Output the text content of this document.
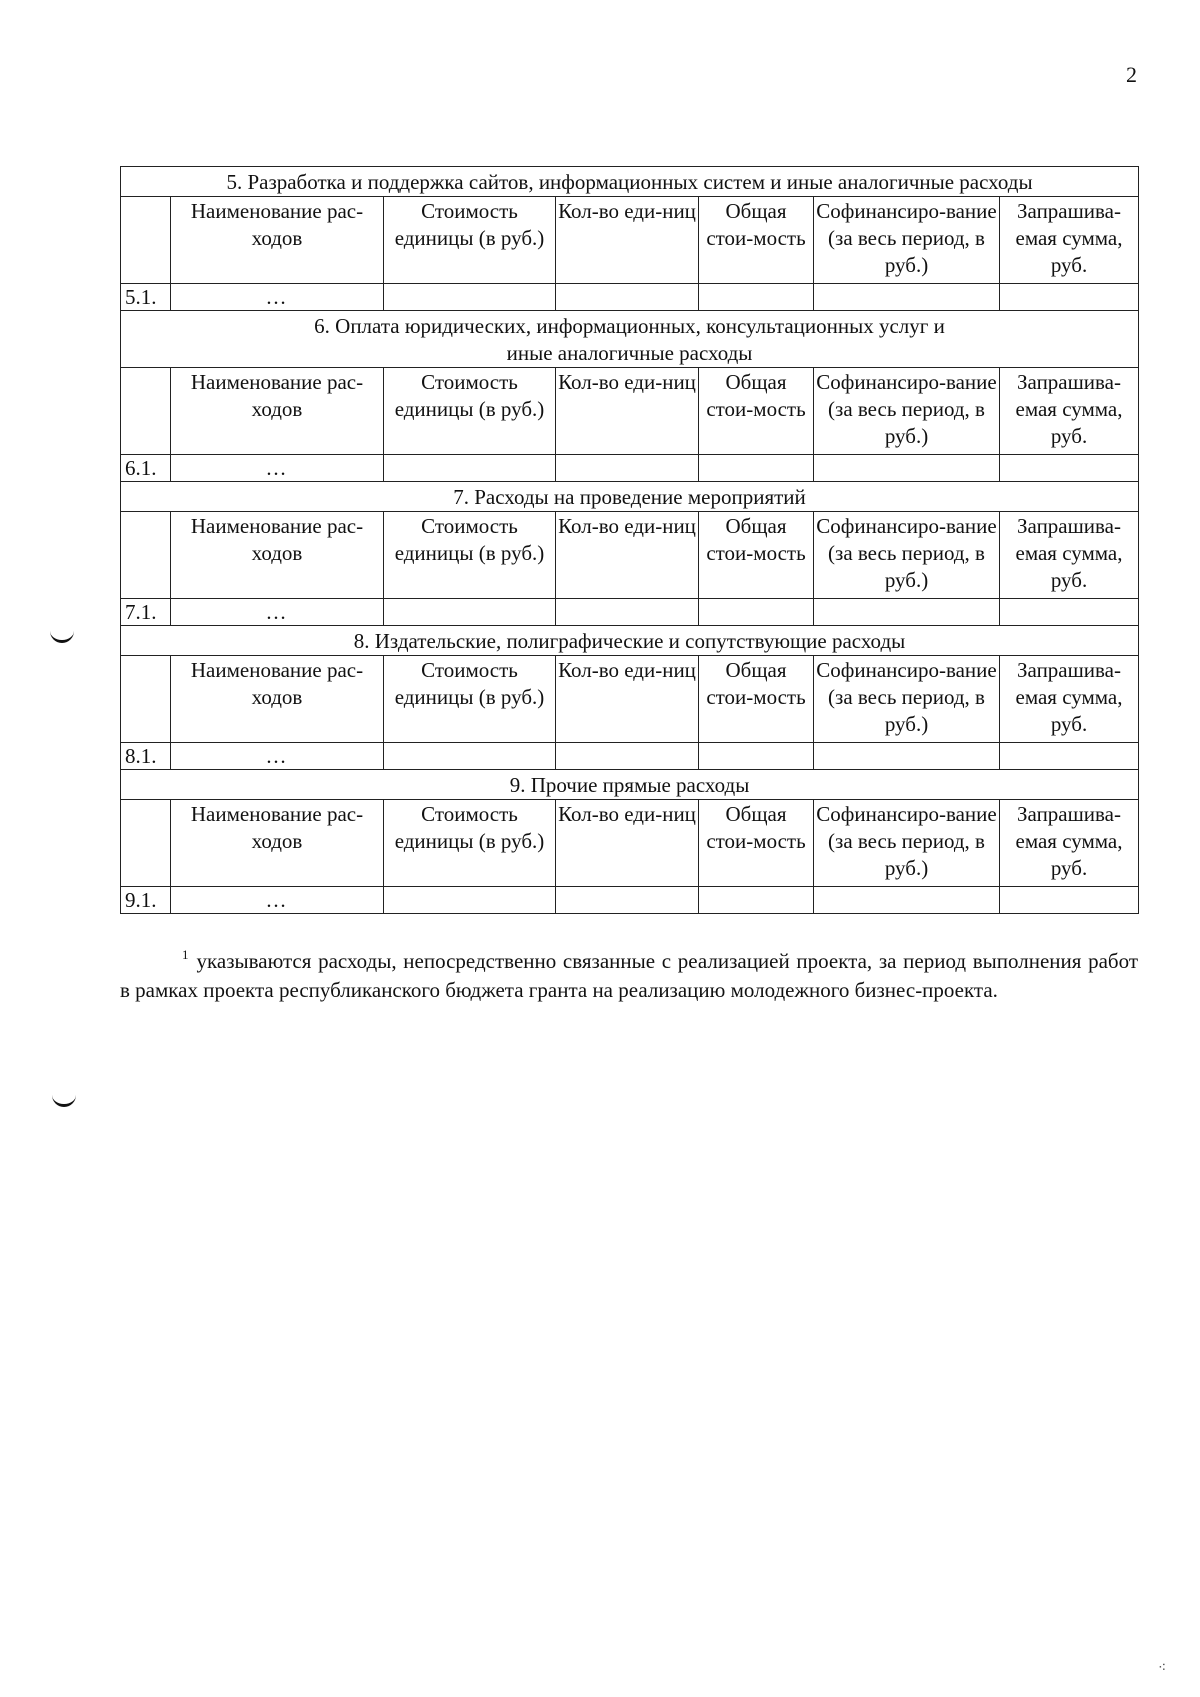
2
5. Разработка и поддержка сайтов, информационных систем и иные аналогичные расходы						
	Наименование рас-ходов	Стоимость единицы (в руб.)	Кол-во еди-ниц	Общая стои-мость	Софинансиро-вание (за весь период, в руб.)	Запрашива-емая сумма, руб.
5.1.	…					
6. Оплата юридических, информационных, консультационных услуг и иные аналогичные расходы						
	Наименование рас-ходов	Стоимость единицы (в руб.)	Кол-во еди-ниц	Общая стои-мость	Софинансиро-вание (за весь период, в руб.)	Запрашива-емая сумма, руб.
6.1.	…					
7. Расходы на проведение мероприятий						
	Наименование рас-ходов	Стоимость единицы (в руб.)	Кол-во еди-ниц	Общая стои-мость	Софинансиро-вание (за весь период, в руб.)	Запрашива-емая сумма, руб.
7.1.	…					
8. Издательские, полиграфические и сопутствующие расходы						
	Наименование рас-ходов	Стоимость единицы (в руб.)	Кол-во еди-ниц	Общая стои-мость	Софинансиро-вание (за весь период, в руб.)	Запрашива-емая сумма, руб.
8.1.	…					
9. Прочие прямые расходы						
	Наименование рас-ходов	Стоимость единицы (в руб.)	Кол-во еди-ниц	Общая стои-мость	Софинансиро-вание (за весь период, в руб.)	Запрашива-емая сумма, руб.
9.1.	…					
$^1$ указываются расходы, непосредственно связанные с реализацией проекта, за период выполнения работ в рамках проекта республиканского бюджета гранта на реализацию молодежного бизнес-проекта.
⁖
